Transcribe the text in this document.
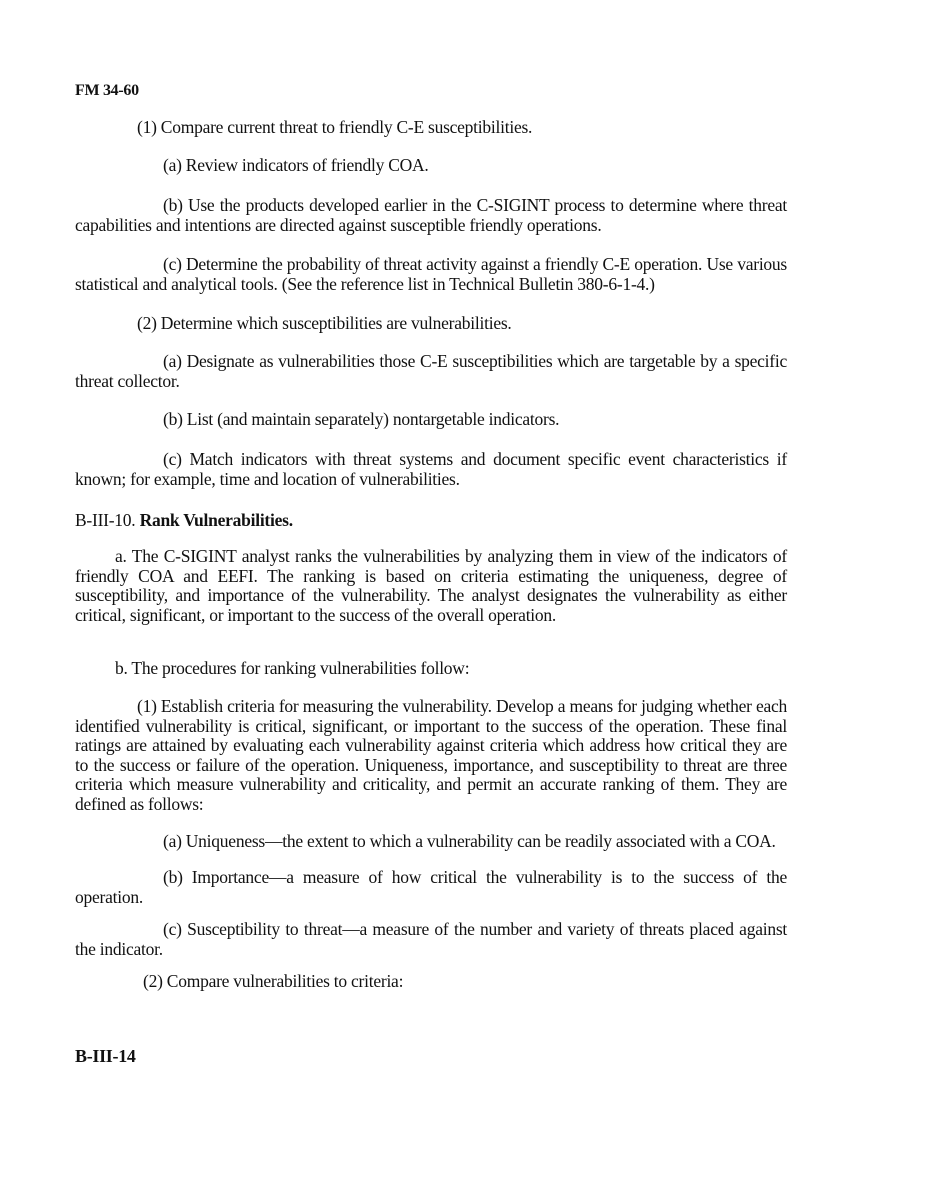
FM 34-60

(1) Compare current threat to friendly C-E susceptibilities.

(a) Review indicators of friendly COA.

(b) Use the products developed earlier in the C-SIGINT process to determine where threat capabilities and intentions are directed against susceptible friendly operations.

(c) Determine the probability of threat activity against a friendly C-E operation. Use various statistical and analytical tools. (See the reference list in Technical Bulletin 380-6-1-4.)

(2) Determine which susceptibilities are vulnerabilities.

(a) Designate as vulnerabilities those C-E susceptibilities which are targetable by a specific threat collector.

(b) List (and maintain separately) nontargetable indicators.

(c) Match indicators with threat systems and document specific event characteristics if known; for example, time and location of vulnerabilities.

B-III-10. Rank Vulnerabilities.

a. The C-SIGINT analyst ranks the vulnerabilities by analyzing them in view of the indicators of friendly COA and EEFI. The ranking is based on criteria estimating the uniqueness, degree of susceptibility, and importance of the vulnerability. The analyst designates the vulnerability as either critical, significant, or important to the success of the overall operation.

b. The procedures for ranking vulnerabilities follow:

(1) Establish criteria for measuring the vulnerability. Develop a means for judging whether each identified vulnerability is critical, significant, or important to the success of the operation. These final ratings are attained by evaluating each vulnerability against criteria which address how critical they are to the success or failure of the operation. Uniqueness, importance, and susceptibility to threat are three criteria which measure vulnerability and criticality, and permit an accurate ranking of them. They are defined as follows:

(a) Uniqueness—the extent to which a vulnerability can be readily associated with a COA.

(b) Importance—a measure of how critical the vulnerability is to the success of the operation.

(c) Susceptibility to threat—a measure of the number and variety of threats placed against the indicator.

(2) Compare vulnerabilities to criteria:

B-III-14
